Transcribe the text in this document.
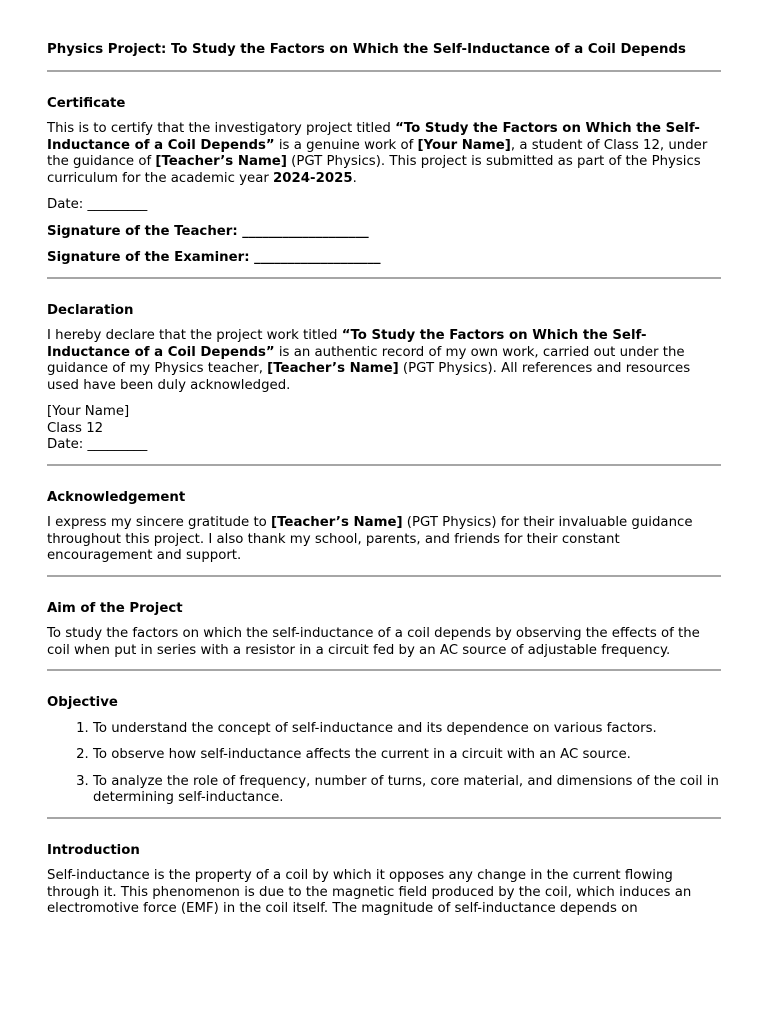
Physics Project: To Study the Factors on Which the Self-Inductance of a Coil Depends
Certificate

This is to certify that the investigatory project titled “To Study the Factors on Which the Self-Inductance of a Coil Depends” is a genuine work of [Your Name], a student of Class 12, under the guidance of [Teacher’s Name] (PGT Physics). This project is submitted as part of the Physics curriculum for the academic year 2024-2025.

Date: _________

Signature of the Teacher: ___________________
Signature of the Examiner: ___________________
Declaration

I hereby declare that the project work titled “To Study the Factors on Which the Self-Inductance of a Coil Depends” is an authentic record of my own work, carried out under the guidance of my Physics teacher, [Teacher’s Name] (PGT Physics). All references and resources used have been duly acknowledged.

[Your Name]
Class 12
Date: _________
Acknowledgement

I express my sincere gratitude to [Teacher’s Name] (PGT Physics) for their invaluable guidance throughout this project. I also thank my school, parents, and friends for their constant encouragement and support.

Aim of the Project

To study the factors on which the self-inductance of a coil depends by observing the effects of the coil when put in series with a resistor in a circuit fed by an AC source of adjustable frequency.

Objective
1. To understand the concept of self-inductance and its dependence on various factors.
2. To observe how self-inductance affects the current in a circuit with an AC source.
3. To analyze the role of frequency, number of turns, core material, and dimensions of the coil in determining self-inductance.
Introduction

Self-inductance is the property of a coil by which it opposes any change in the current flowing through it. This phenomenon is due to the magnetic field produced by the coil, which induces an electromotive force (EMF) in the coil itself. The magnitude of self-inductance depends on
